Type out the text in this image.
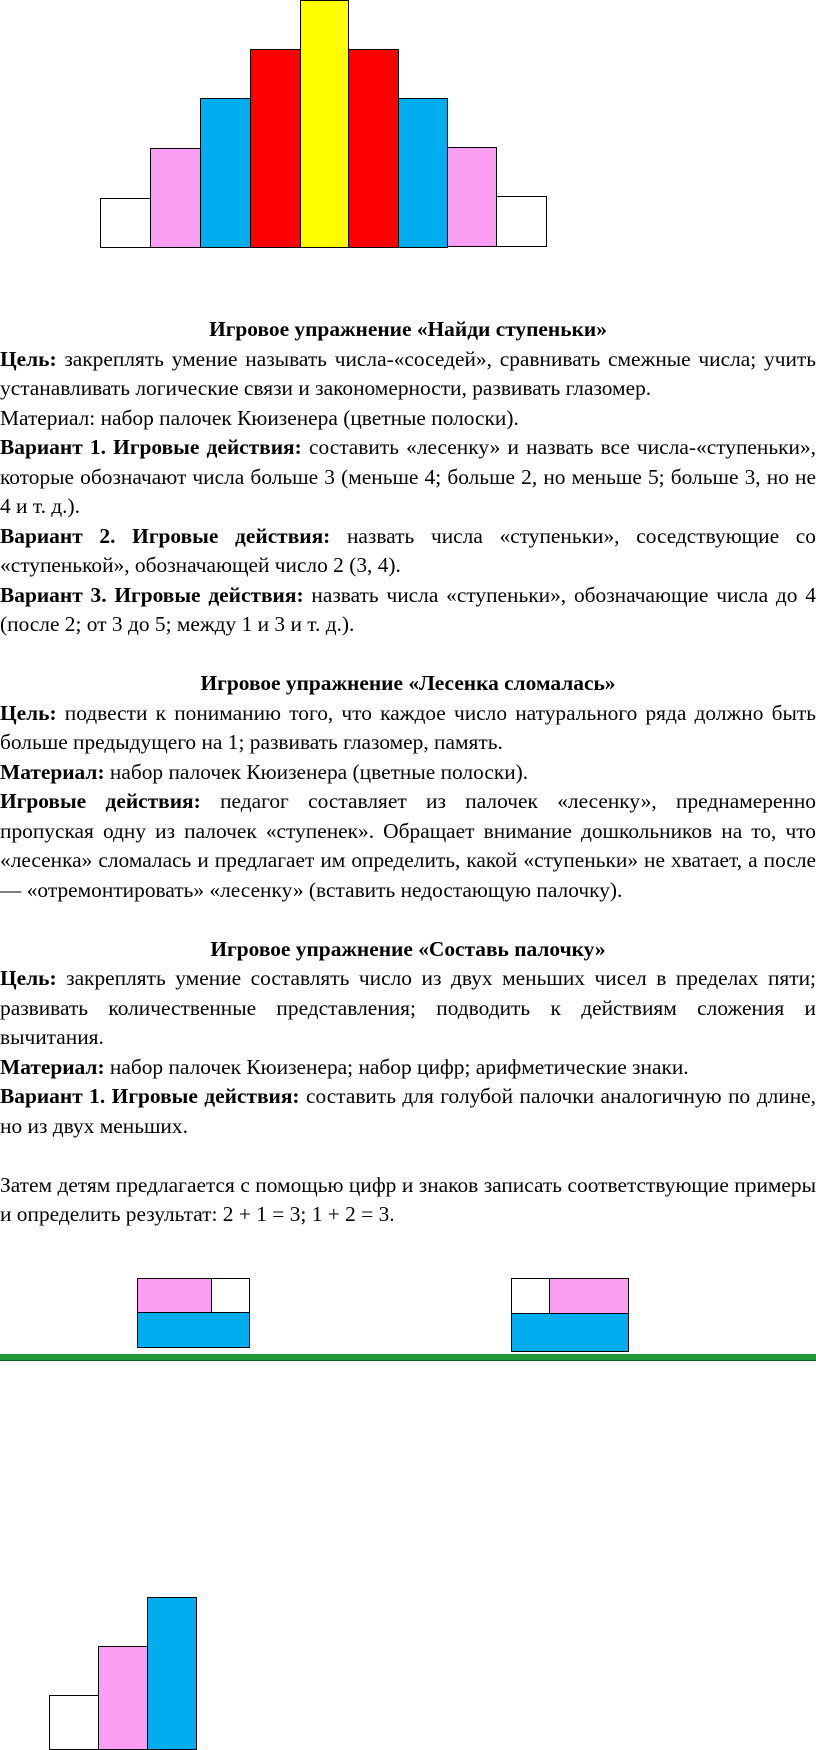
Игровое упражнение «Найди ступеньки»

Цель: закреплять умение называть числа-«соседей», сравнивать смежные числа; учить устанавливать логические связи и закономерности, развивать глазомер.

Материал: набор палочек Кюизенера (цветные полоски).

Вариант 1. Игровые действия: составить «лесенку» и назвать все числа-«ступеньки», которые обозначают числа больше 3 (меньше 4; больше 2, но меньше 5; больше 3, но не 4 и т. д.).

Вариант 2. Игровые действия: назвать числа «ступеньки», соседствующие со «ступенькой», обозначающей число 2 (3, 4).

Вариант 3. Игровые действия: назвать числа «ступеньки», обозначающие числа до 4 (после 2; от 3 до 5; между 1 и 3 и т. д.).

Игровое упражнение «Лесенка сломалась»

Цель: подвести к пониманию того, что каждое число натурального ряда должно быть больше предыдущего на 1; развивать глазомер, память.

Материал: набор палочек Кюизенера (цветные полоски).

Игровые действия: педагог составляет из палочек «лесенку», преднамеренно пропуская одну из палочек «ступенек». Обращает внимание дошкольников на то, что «лесенка» сломалась и предлагает им определить, какой «ступеньки» не хватает, а после — «отремонтировать» «лесенку» (вставить недостающую палочку).

Игровое упражнение «Составь палочку»

Цель: закреплять умение составлять число из двух меньших чисел в пределах пяти; развивать количественные представления; подводить к действиям сложения и вычитания.

Материал: набор палочек Кюизенера; набор цифр; арифметические знаки.

Вариант 1. Игровые действия: составить для голубой палочки аналогичную по длине, но из двух меньших.

Затем детям предлагается с помощью цифр и знаков записать соответствующие примеры и определить результат: 2 + 1 = 3; 1 + 2 = 3.
